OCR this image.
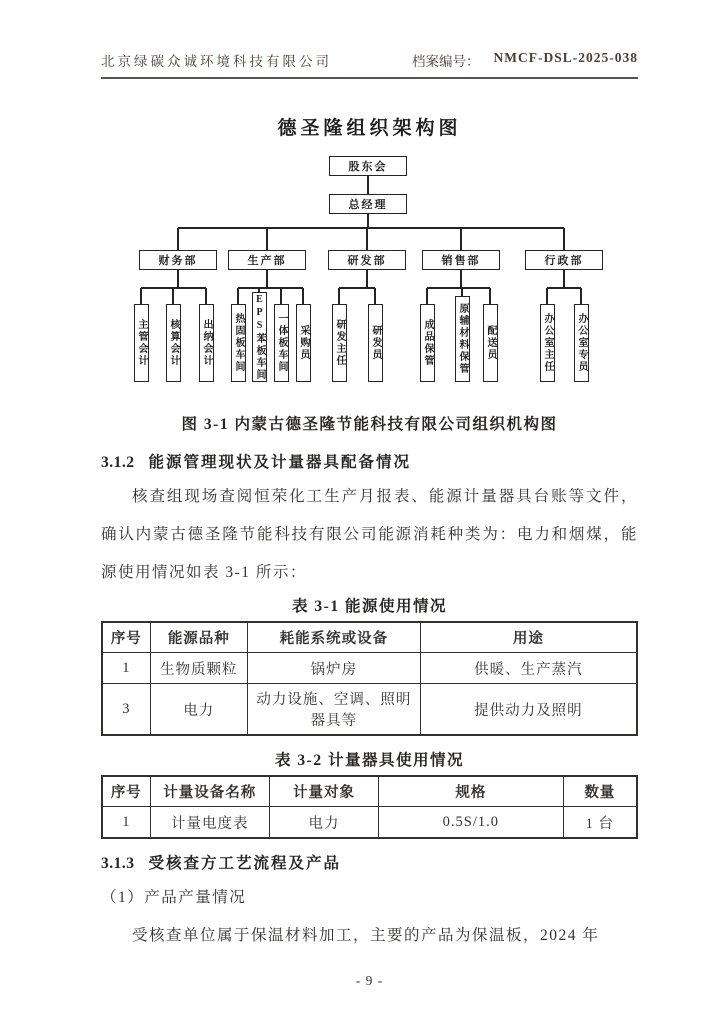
北京绿碳众诚环境科技有限公司	档案编号： NMCF-DSL-2025-038
德圣隆组织架构图
股东会
总经理
财务部
主管会计 核算会计 出纳会计
生产部
热固板车间 EPS苯板车间 一体板车间 采购员
研发部
研发主任	研发员
销售部
成品保管 原辅材料保管 配送员
行政部
办公室主任 办公室专员
图 3-1 内蒙古德圣隆节能科技有限公司组织机构图
3.1.2 能源管理现状及计量器具配备情况
核查组现场查阅恒荣化工生产月报表、能源计量器具台账等文件，确认内蒙古德圣隆节能科技有限公司能源消耗种类为：电力和烟煤，能源使用情况如表 3-1 所示：
表 3-1 能源使用情况
序号	能源品种	耗能系统或设备	用途
1	生物质颗粒	锅炉房	供暖、生产蒸汽
3	电力	动力设施、空调、照明器具等	提供动力及照明
表 3-2 计量器具使用情况
序号	计量设备名称	计量对象	规格	数量
1	计量电度表	电力	0.5S/1.0	1 台
3.1.3 受核查方工艺流程及产品
（1）产品产量情况
受核查单位属于保温材料加工，主要的产品为保温板，2024 年
- 9 -
